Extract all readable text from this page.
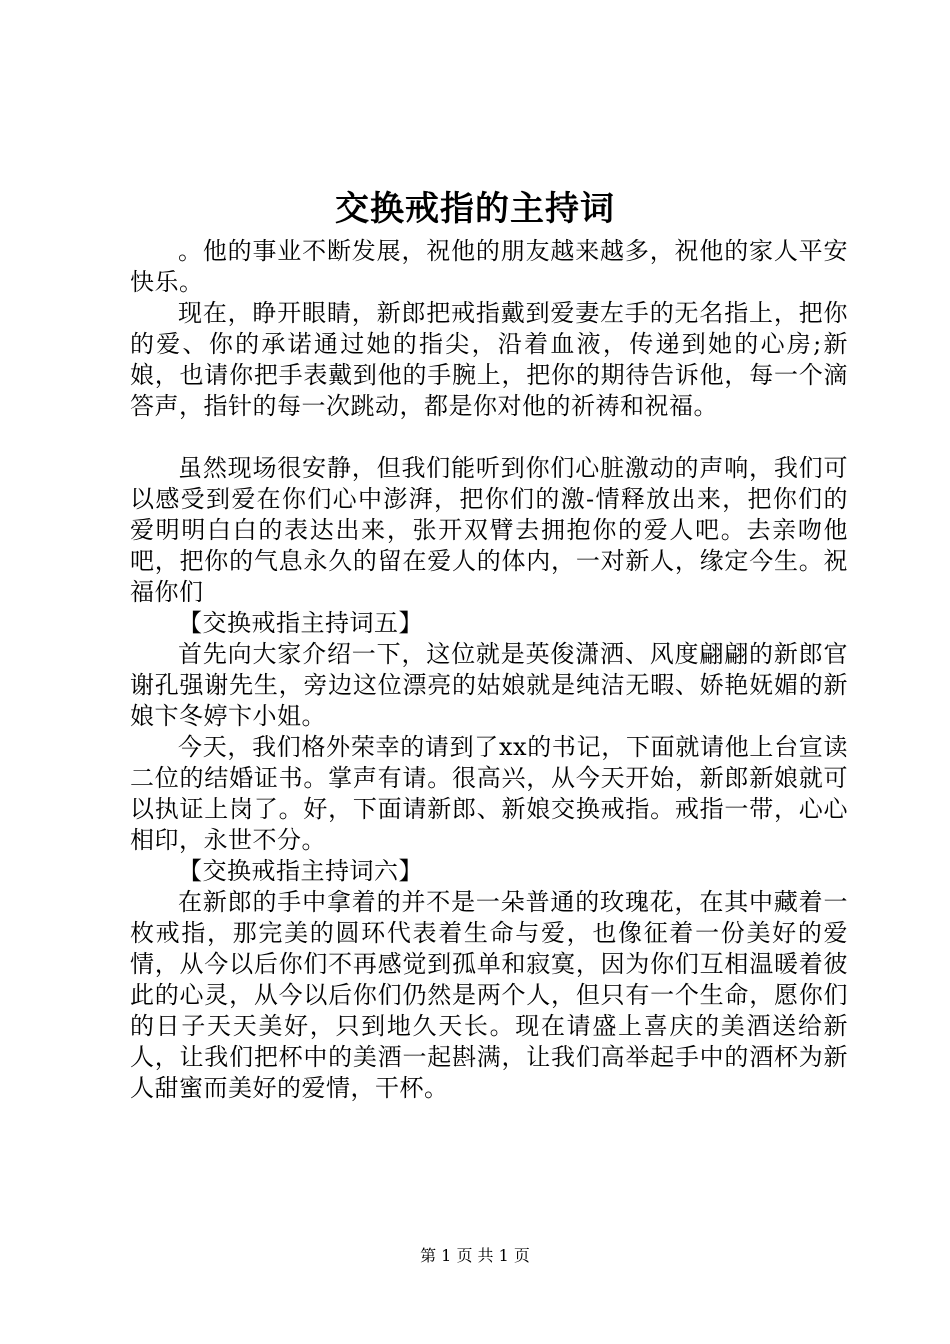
交换戒指的主持词

。他的事业不断发展，祝他的朋友越来越多，祝他的家人平安快乐。

现在，睁开眼睛，新郎把戒指戴到爱妻左手的无名指上，把你的爱、你的承诺通过她的指尖，沿着血液，传递到她的心房;新娘，也请你把手表戴到他的手腕上，把你的期待告诉他，每一个滴答声，指针的每一次跳动，都是你对他的祈祷和祝福。

虽然现场很安静，但我们能听到你们心脏激动的声响，我们可以感受到爱在你们心中澎湃，把你们的激-情释放出来，把你们的爱明明白白的表达出来，张开双臂去拥抱你的爱人吧。去亲吻他吧，把你的气息永久的留在爱人的体内，一对新人，缘定今生。祝福你们

【交换戒指主持词五】

首先向大家介绍一下，这位就是英俊潇洒、风度翩翩的新郎官谢孔强谢先生，旁边这位漂亮的姑娘就是纯洁无暇、娇艳妩媚的新娘卞冬婷卞小姐。

今天，我们格外荣幸的请到了xx的书记，下面就请他上台宣读二位的结婚证书。掌声有请。很高兴，从今天开始，新郎新娘就可以执证上岗了。好，下面请新郎、新娘交换戒指。戒指一带，心心相印，永世不分。

【交换戒指主持词六】

在新郎的手中拿着的并不是一朵普通的玫瑰花，在其中藏着一枚戒指，那完美的圆环代表着生命与爱，也像征着一份美好的爱情，从今以后你们不再感觉到孤单和寂寞，因为你们互相温暖着彼此的心灵，从今以后你们仍然是两个人，但只有一个生命，愿你们的日子天天美好，只到地久天长。现在请盛上喜庆的美酒送给新人，让我们把杯中的美酒一起斟满，让我们高举起手中的酒杯为新人甜蜜而美好的爱情，干杯。

第 1 页 共 1 页
